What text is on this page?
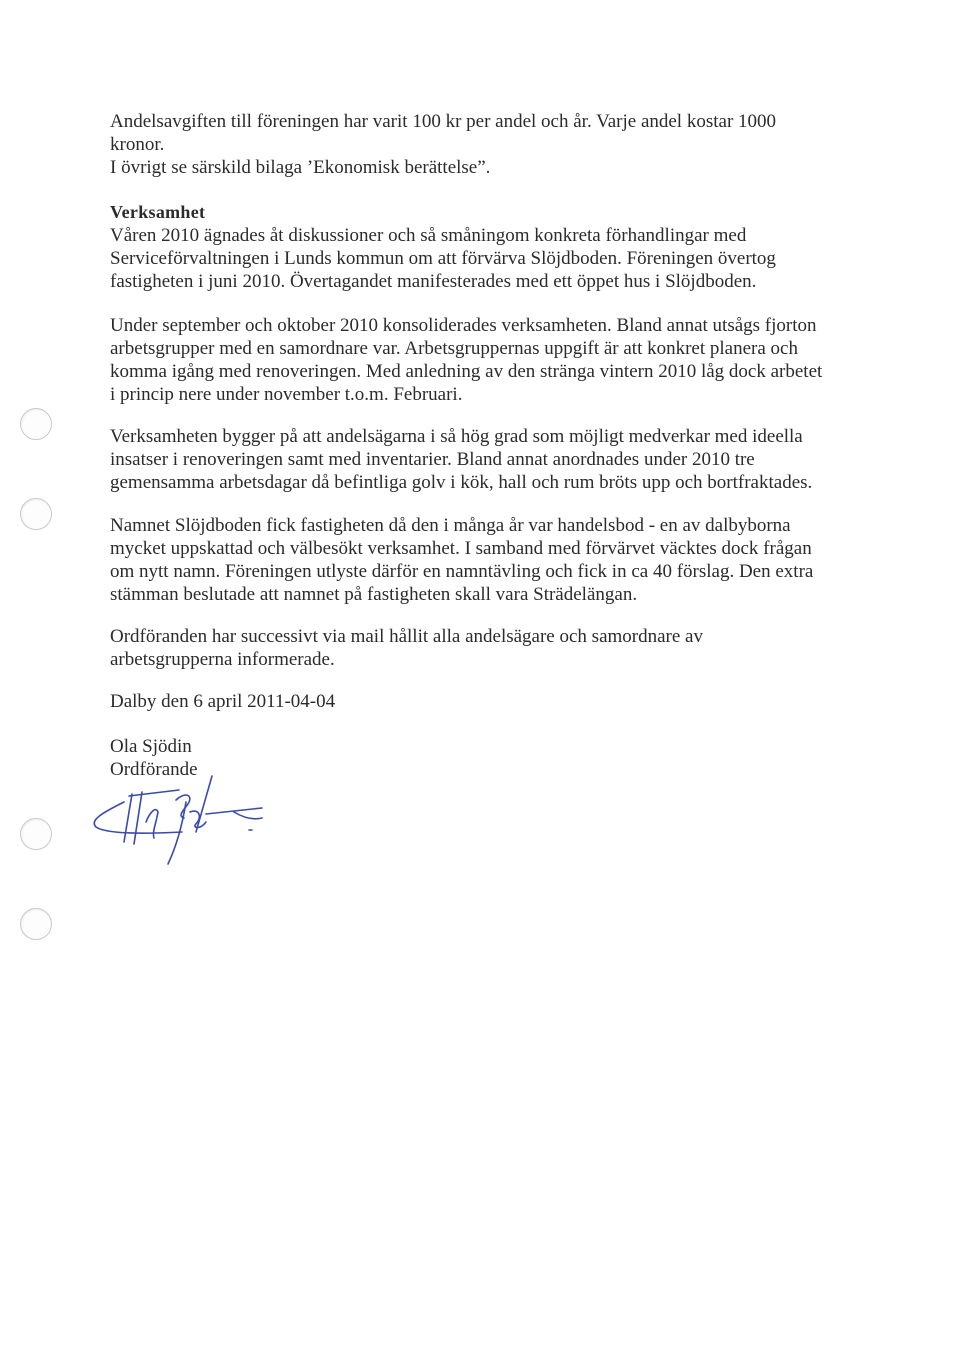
Andelsavgiften till föreningen har varit 100 kr per andel och år. Varje andel kostar 1000
kronor.
I övrigt se särskild bilaga ’Ekonomisk berättelse”.

Verksamhet
Våren 2010 ägnades åt diskussioner och så småningom konkreta förhandlingar med
Serviceförvaltningen i Lunds kommun om att förvärva Slöjdboden. Föreningen övertog
fastigheten i juni 2010. Övertagandet manifesterades med ett öppet hus i Slöjdboden.

Under september och oktober 2010 konsoliderades verksamheten. Bland annat utsågs fjorton
arbetsgrupper med en samordnare var. Arbetsgruppernas uppgift är att konkret planera och
komma igång med renoveringen. Med anledning av den stränga vintern 2010 låg dock arbetet
i princip nere under november t.o.m. Februari.

Verksamheten bygger på att andelsägarna i så hög grad som möjligt medverkar med ideella
insatser i renoveringen samt med inventarier. Bland annat anordnades under 2010 tre
gemensamma arbetsdagar då befintliga golv i kök, hall och rum bröts upp och bortfraktades.

Namnet Slöjdboden fick fastigheten då den i många år var handelsbod - en av dalbyborna
mycket uppskattad och välbesökt verksamhet. I samband med förvärvet väcktes dock frågan
om nytt namn. Föreningen utlyste därför en namntävling och fick in ca 40 förslag. Den extra
stämman beslutade att namnet på fastigheten skall vara Strädelängan.

Ordföranden har successivt via mail hållit alla andelsägare och samordnare av
arbetsgrupperna informerade.

Dalby den 6 april 2011-04-04

Ola Sjödin
Ordförande
